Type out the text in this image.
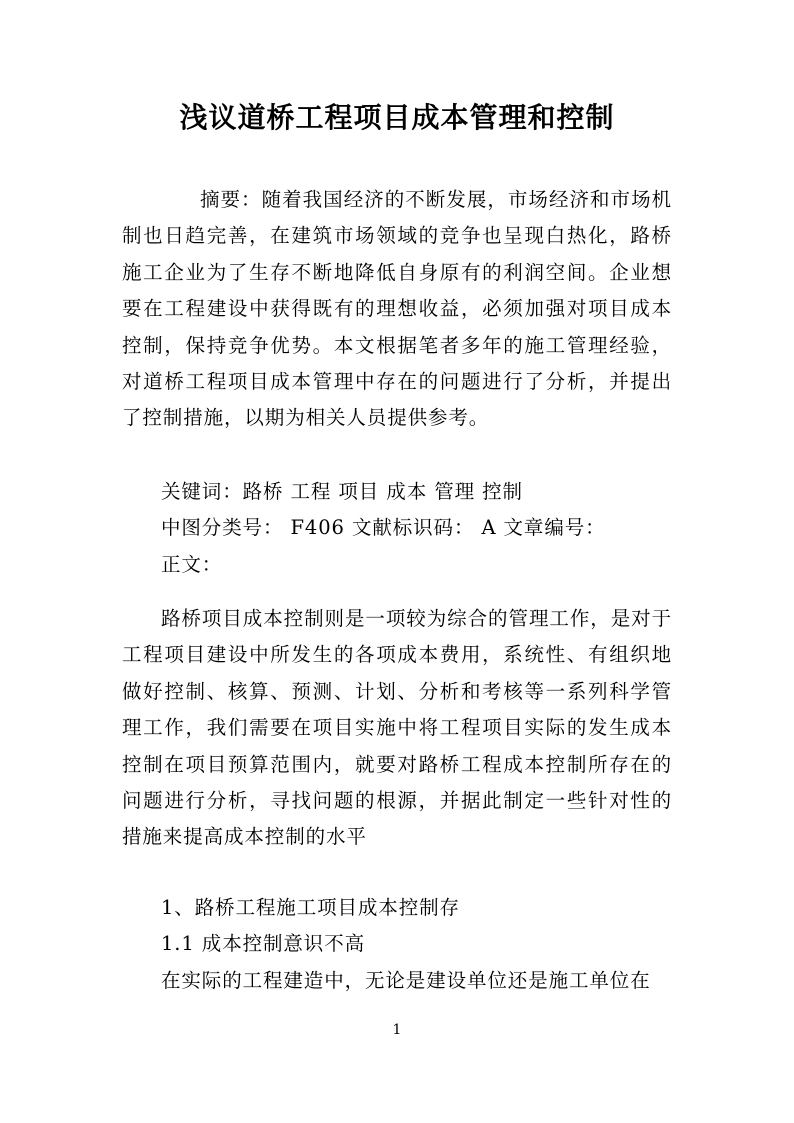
浅议道桥工程项目成本管理和控制

摘要：随着我国经济的不断发展，市场经济和市场机制也日趋完善，在建筑市场领域的竞争也呈现白热化，路桥施工企业为了生存不断地降低自身原有的利润空间。企业想要在工程建设中获得既有的理想收益，必须加强对项目成本控制，保持竞争优势。本文根据笔者多年的施工管理经验，对道桥工程项目成本管理中存在的问题进行了分析，并提出了控制措施，以期为相关人员提供参考。

关键词：路桥 工程 项目 成本 管理 控制

中图分类号： F406 文献标识码： A 文章编号：

正文：

路桥项目成本控制则是一项较为综合的管理工作，是对于工程项目建设中所发生的各项成本费用，系统性、有组织地做好控制、核算、预测、计划、分析和考核等一系列科学管理工作，我们需要在项目实施中将工程项目实际的发生成本控制在项目预算范围内，就要对路桥工程成本控制所存在的问题进行分析，寻找问题的根源，并据此制定一些针对性的措施来提高成本控制的水平

1、路桥工程施工项目成本控制存

1.1 成本控制意识不高

在实际的工程建造中，无论是建设单位还是施工单位在

1
